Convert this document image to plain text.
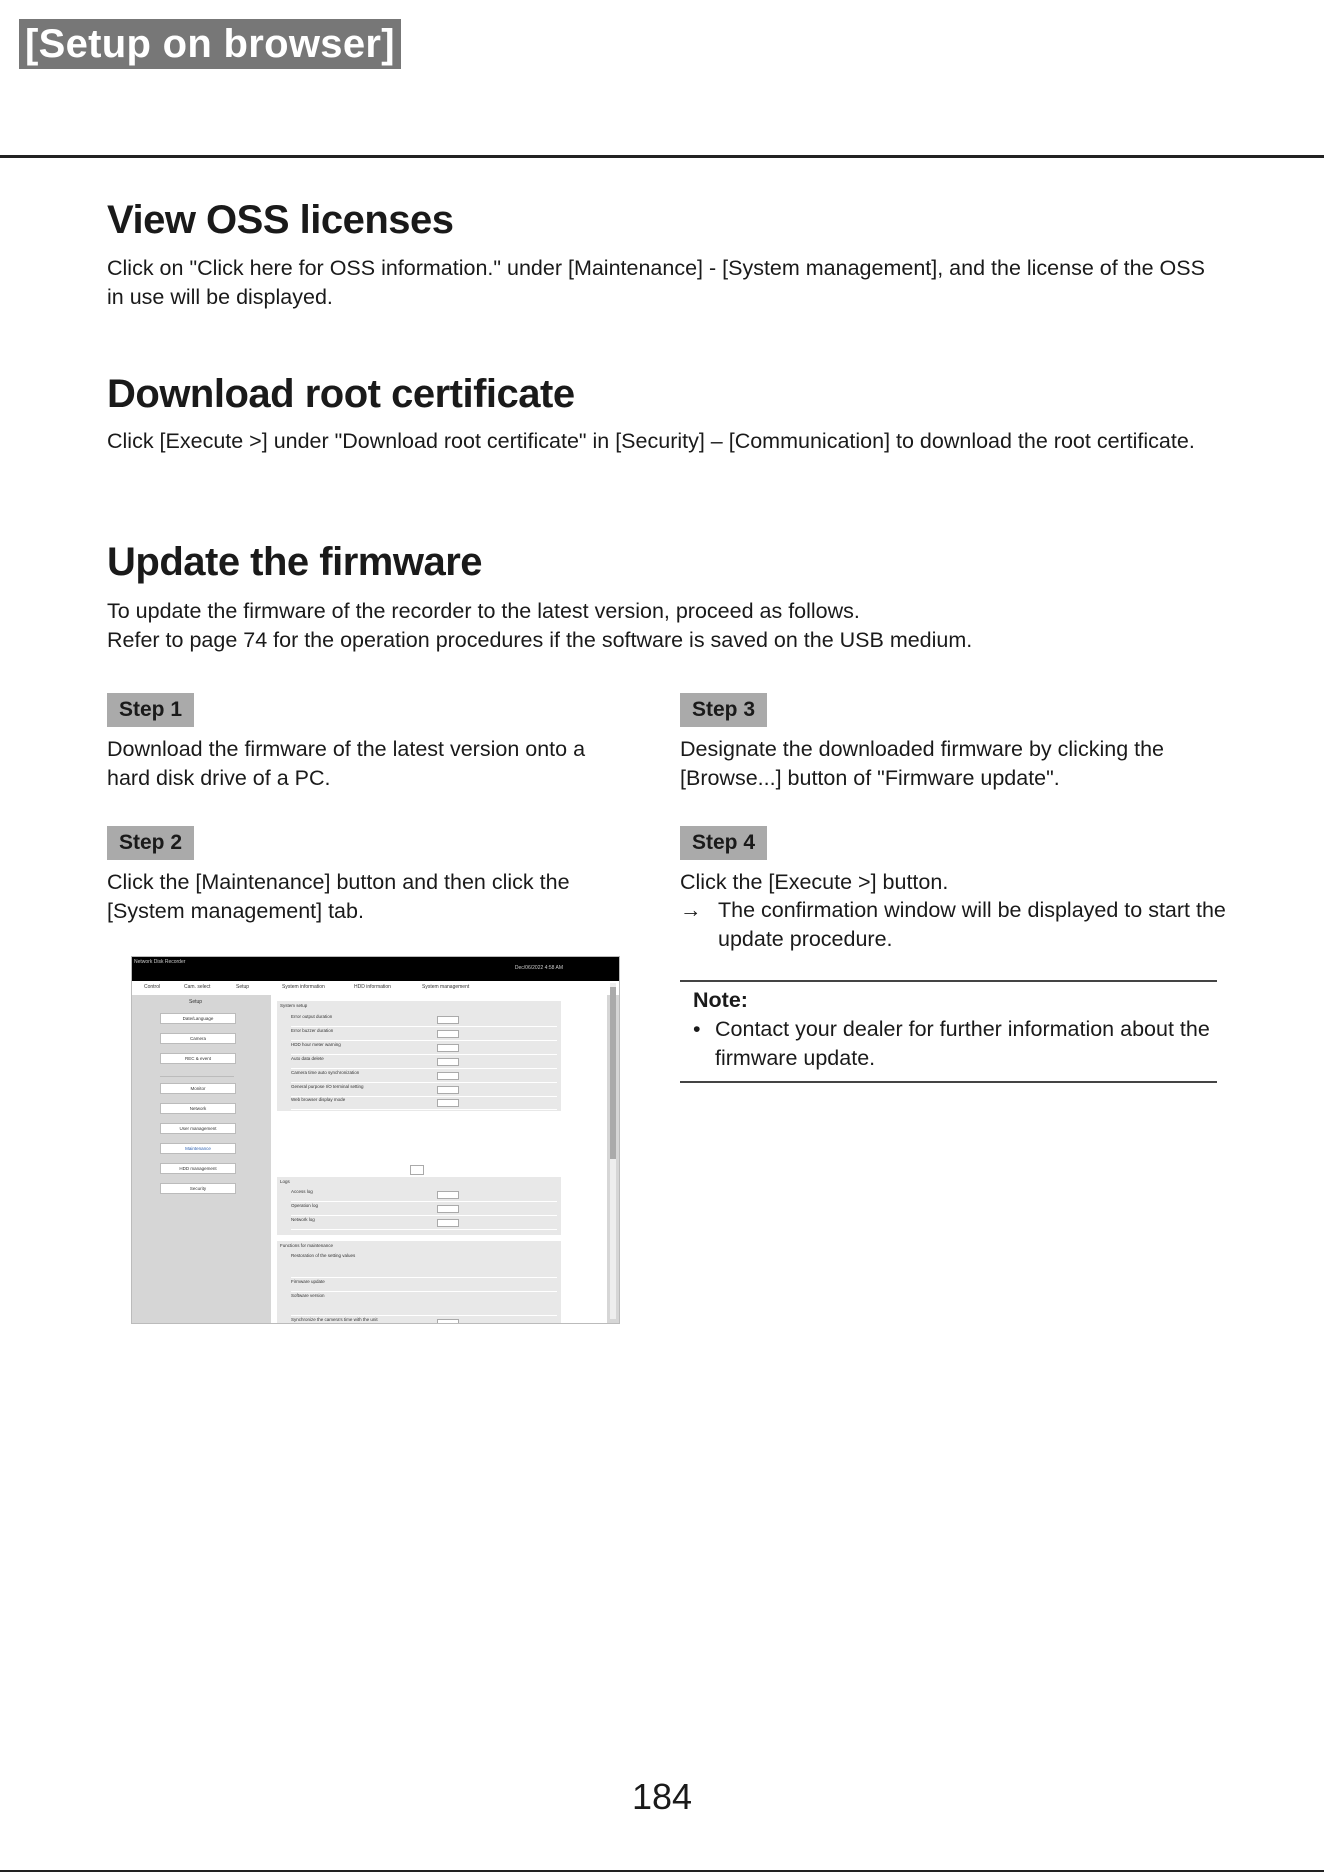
[Setup on browser]
View OSS licenses

Click on "Click here for OSS information." under [Maintenance] - [System management], and the license of the OSS in use will be displayed.

Download root certificate

Click [Execute >] under "Download root certificate" in [Security] – [Communication] to download the root certificate.

Update the firmware

To update the firmware of the recorder to the latest version, proceed as follows.

Refer to page 74 for the operation procedures if the software is saved on the USB medium.

Step 1

Download the firmware of the latest version onto a hard disk drive of a PC.

Step 2

Click the [Maintenance] button and then click the [System management] tab.

Step 3

Designate the downloaded firmware by clicking the [Browse...] button of "Firmware update".

Step 4

Click the [Execute >] button.

→ The confirmation window will be displayed to start the update procedure.
Note:
• Contact your dealer for further information about the firmware update.
Network Disk Recorder
Dec/06/2022 4:58 AM
Control	Cam. select	Setup	System information	HDD information	System management
Setup
Date/Language
Camera
REC & event
Monitor
Network
User management
Maintenance
HDD management
Security
System setup
Error output duration
Error buzzer duration
HDD hour meter warning
Auto data delete
Camera time auto synchronization
General purpose I/O terminal setting
Web browser display mode
Logs
Access log
Operation log
Network log
Functions for maintenance
Restoration of the setting values
Firmware update
Software version
Synchronize the camera's time with the unit
184
